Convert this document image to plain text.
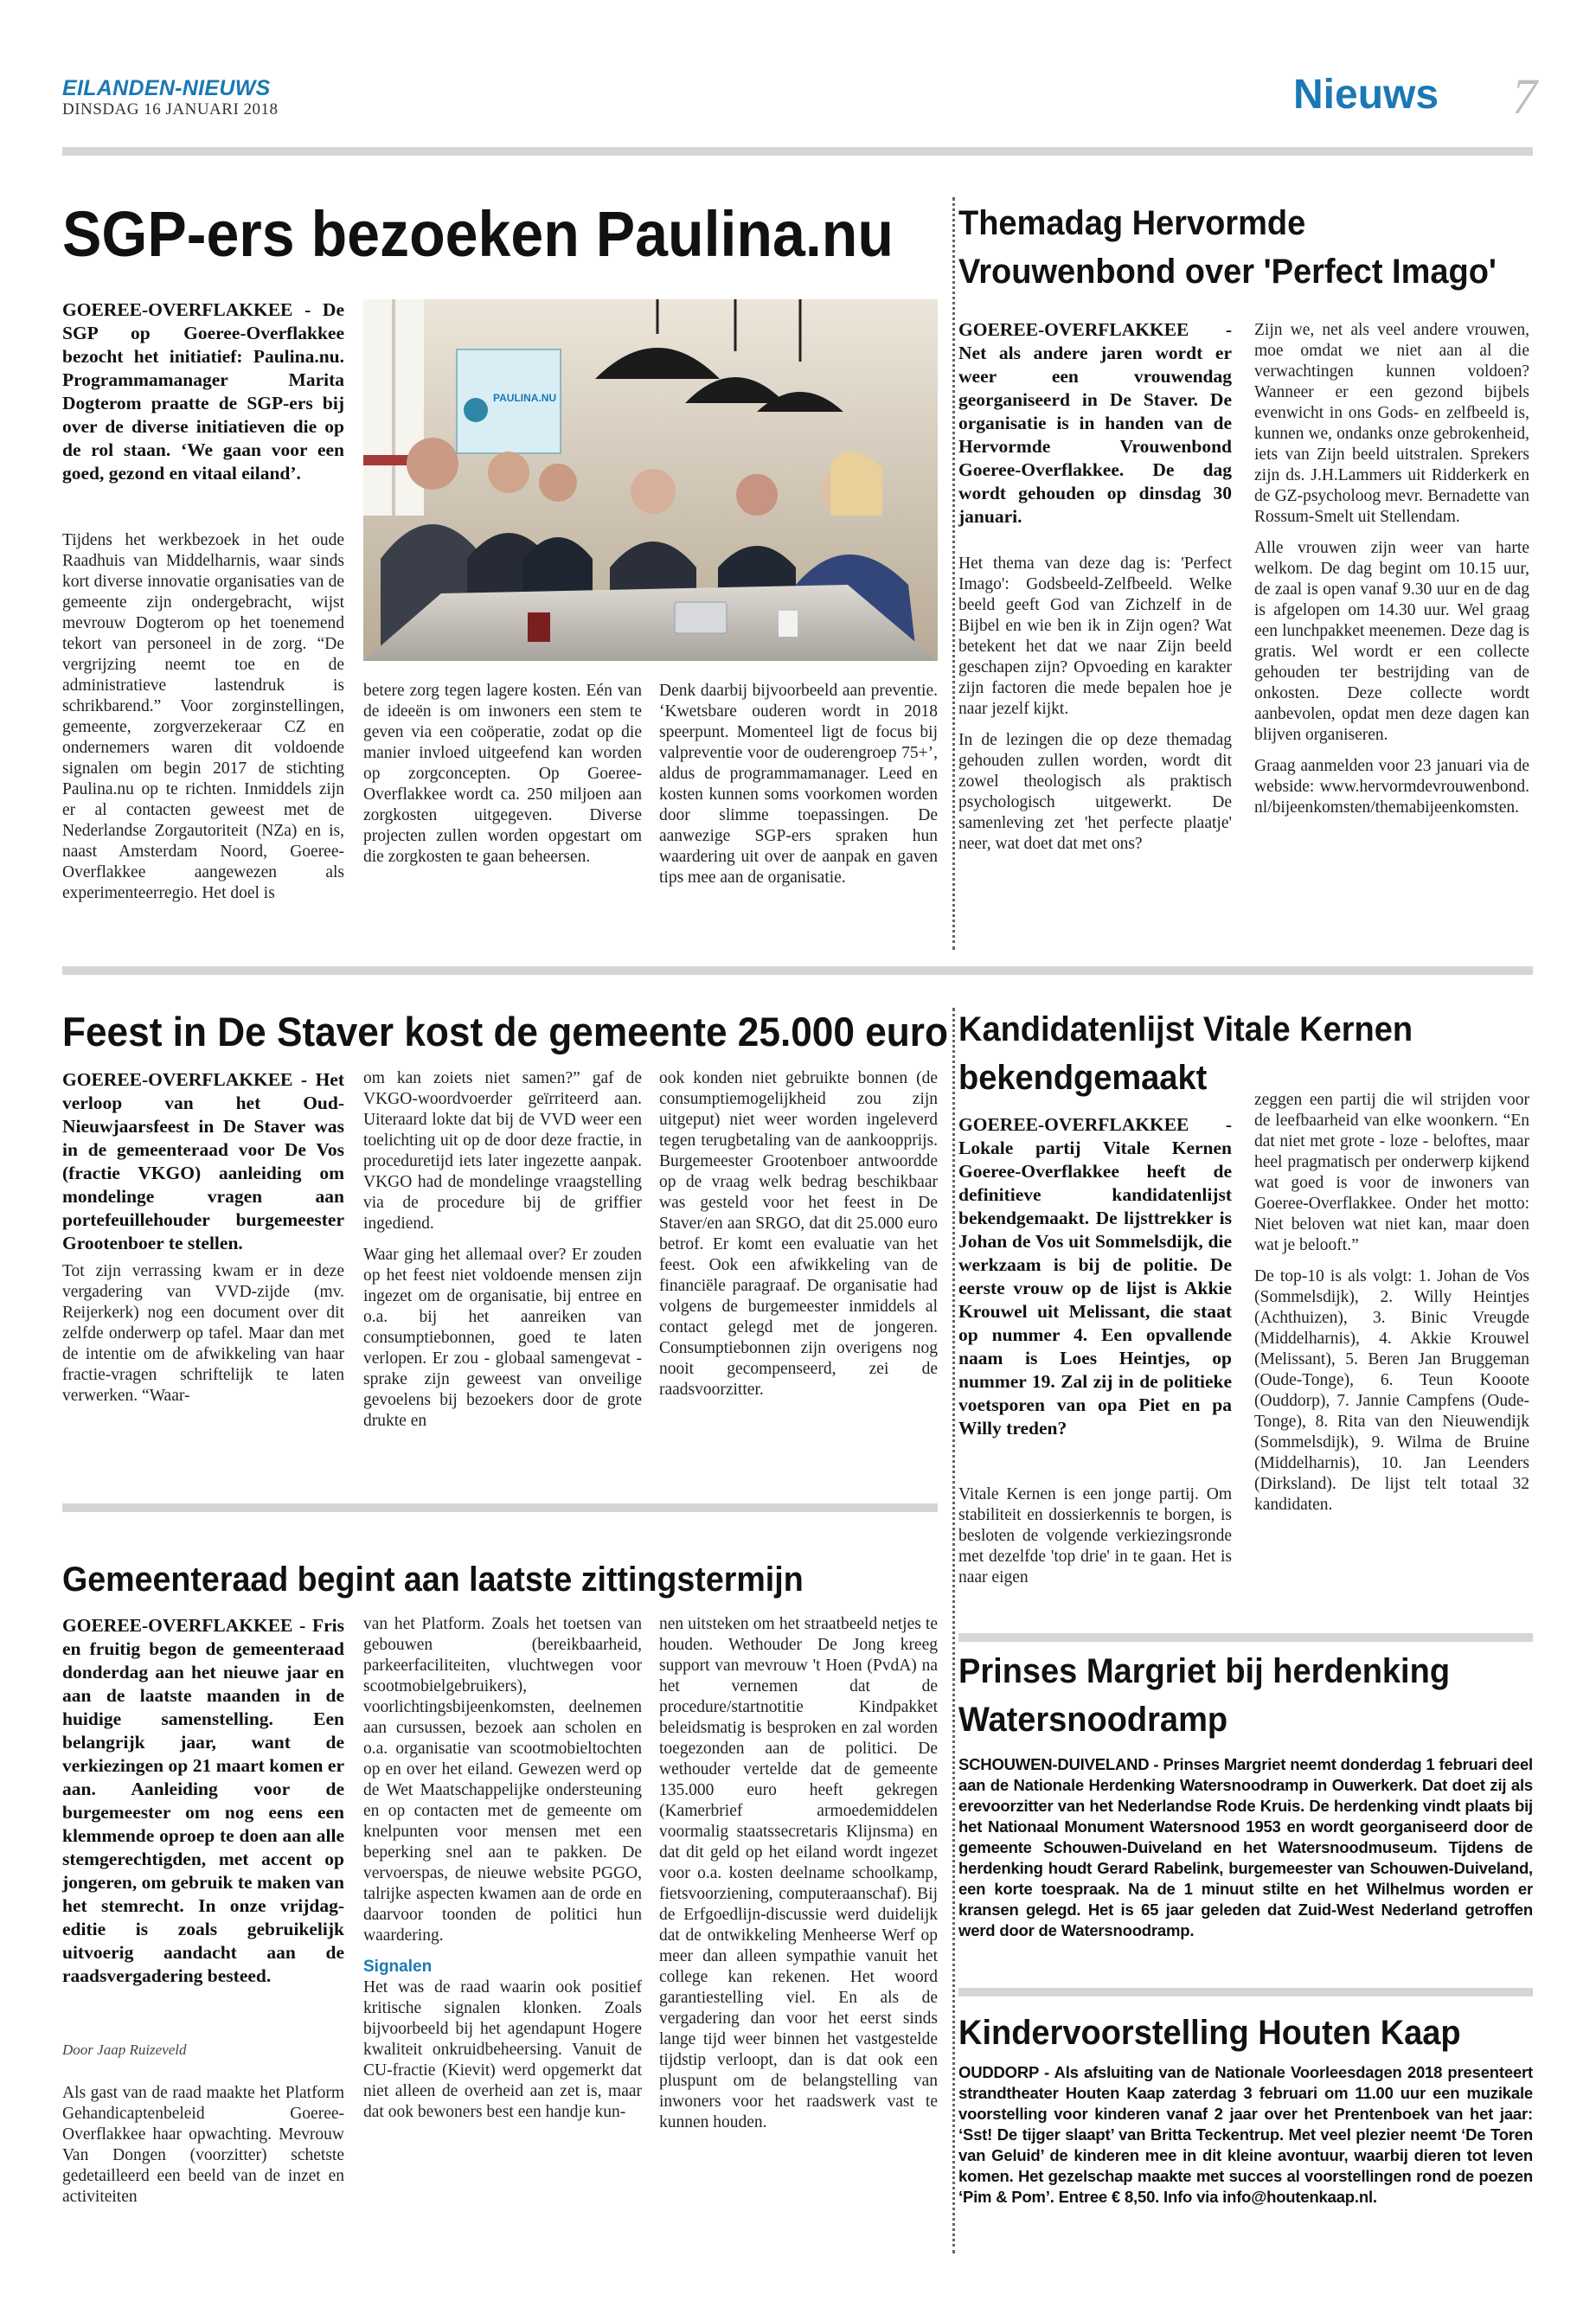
EILANDEN-NIEUWS
DINSDAG 16 JANUARI 2018	Nieuws 7
SGP-ers bezoeken Paulina.nu
GOEREE-OVERFLAKKEE - De SGP op Goeree-Overflakkee bezocht het initiatief: Paulina.nu. Programmamanager Marita Dogterom praatte de SGP-ers bij over de diverse initiatieven die op de rol staan. ‘We gaan voor een goed, gezond en vitaal eiland’.
Tijdens het werkbezoek in het oude Raadhuis van Middelharnis, waar sinds kort diverse innovatie organisaties van de gemeente zijn ondergebracht, wijst mevrouw Dogterom op het toenemend tekort van personeel in de zorg. “De vergrijzing neemt toe en de administratieve lastendruk is schrikbarend.” Voor zorginstellingen, gemeente, zorgverzekeraar CZ en ondernemers waren dit voldoende signalen om begin 2017 de stichting Paulina.nu op te richten. Inmiddels zijn er al contacten geweest met de Nederlandse Zorgautoriteit (NZa) en is, naast Amsterdam Noord, Goeree-Overflakkee aangewezen als experimenteerregio. Het doel is
PAULINA.NU
betere zorg tegen lagere kosten. Eén van de ideeën is om inwoners een stem te geven via een coöperatie, zodat op die manier invloed uitgeefend kan worden op zorgconcepten. Op Goeree-Overflakkee wordt ca. 250 miljoen aan zorgkosten uitgegeven. Diverse projecten zullen worden opgestart om die zorgkosten te gaan beheersen.
Denk daarbij bijvoorbeeld aan preventie. ‘Kwetsbare ouderen wordt in 2018 speerpunt. Momenteel ligt de focus bij valpreventie voor de ouderengroep 75+’, aldus de programmamanager. Leed en kosten kunnen soms voorkomen worden door slimme toepassingen. De aanwezige SGP-ers spraken hun waardering uit over de aanpak en gaven tips mee aan de organisatie.
Themadag Hervormde Vrouwenbond over 'Perfect Imago'
GOEREE-OVERFLAKKEE - Net als andere jaren wordt er weer een vrouwendag georganiseerd in De Staver. De organisatie is in handen van de Hervormde Vrouwenbond Goeree-Overflakkee. De dag wordt gehouden op dinsdag 30 januari.

Het thema van deze dag is: 'Perfect Imago': Godsbeeld-Zelfbeeld. Welke beeld geeft God van Zichzelf in de Bijbel en wie ben ik in Zijn ogen? Wat betekent het dat we naar Zijn beeld geschapen zijn? Opvoeding en karakter zijn factoren die mede bepalen hoe je naar jezelf kijkt.

In de lezingen die op deze themadag gehouden zullen worden, wordt dit zowel theologisch als praktisch psychologisch uitgewerkt. De samenleving zet 'het perfecte plaatje' neer, wat doet dat met ons?

Zijn we, net als veel andere vrouwen, moe omdat we niet aan al die verwachtingen kunnen voldoen? Wanneer er een gezond bijbels evenwicht in ons Gods- en zelfbeeld is, kunnen we, ondanks onze gebrokenheid, iets van Zijn beeld uitstralen. Sprekers zijn ds. J.H.Lammers uit Ridderkerk en de GZ-psycholoog mevr. Bernadette van Rossum-Smelt uit Stellendam.

Alle vrouwen zijn weer van harte welkom. De dag begint om 10.15 uur, de zaal is open vanaf 9.30 uur en de dag is afgelopen om 14.30 uur. Wel graag een lunchpakket meenemen. Deze dag is gratis. Wel wordt er een collecte gehouden ter bestrijding van de onkosten. Deze collecte wordt aanbevolen, opdat men deze dagen kan blijven organiseren.

Graag aanmelden voor 23 januari via de webside: www.hervormdevrouwenbond.nl/bijeenkomsten/themabijeenkomsten.

Feest in De Staver kost de gemeente 25.000 euro
GOEREE-OVERFLAKKEE - Het verloop van het Oud-Nieuwjaarsfeest in De Staver was in de gemeenteraad voor De Vos (fractie VKGO) aanleiding om mondelinge vragen aan portefeuillehouder burgemeester Grootenboer te stellen.
Tot zijn verrassing kwam er in deze vergadering van VVD-zijde (mv. Reijerkerk) nog een document over dit zelfde onderwerp op tafel. Maar dan met de intentie om de afwikkeling van haar fractie-vragen schriftelijk te laten verwerken. “Waar-

om kan zoiets niet samen?” gaf de VKGO-woordvoerder geïrriteerd aan. Uiteraard lokte dat bij de VVD weer een toelichting uit op de door deze fractie, in proceduretijd iets later ingezette aanpak. VKGO had de mondelinge vraagstelling via de procedure bij de griffier ingediend.

Waar ging het allemaal over? Er zouden op het feest niet voldoende mensen zijn ingezet om de organisatie, bij entree en o.a. bij het aanreiken van consumptiebonnen, goed te laten verlopen. Er zou - globaal samengevat - sprake zijn geweest van onveilige gevoelens bij bezoekers door de grote drukte en

ook konden niet gebruikte bonnen (de consumptiemogelijkheid zou zijn uitgeput) niet weer worden ingeleverd tegen terugbetaling van de aankoopprijs. Burgemeester Grootenboer antwoordde op de vraag welk bedrag beschikbaar was gesteld voor het feest in De Staver/en aan SRGO, dat dit 25.000 euro betrof. Er komt een evaluatie van het feest. Ook een afwikkeling van de financiële paragraaf. De organisatie had volgens de burgemeester inmiddels al contact gelegd met de jongeren. Consumptiebonnen zijn overigens nog nooit gecompenseerd, zei de raadsvoorzitter.
Gemeenteraad begint aan laatste zittingstermijn
GOEREE-OVERFLAKKEE - Fris en fruitig begon de gemeenteraad donderdag aan het nieuwe jaar en aan de laatste maanden in de huidige samenstelling. Een belangrijk jaar, want de verkiezingen op 21 maart komen er aan. Aanleiding voor de burgemeester om nog eens een klemmende oproep te doen aan alle stemgerechtigden, met accent op jongeren, om gebruik te maken van het stemrecht. In onze vrijdag-editie is zoals gebruikelijk uitvoerig aandacht aan de raadsvergadering besteed.
Door Jaap Ruizeveld
Als gast van de raad maakte het Platform Gehandicaptenbeleid Goeree-Overflakkee haar opwachting. Mevrouw Van Dongen (voorzitter) schetste gedetailleerd een beeld van de inzet en activiteiten

van het Platform. Zoals het toetsen van gebouwen (bereikbaarheid, parkeerfaciliteiten, vluchtwegen voor scootmobielgebruikers), voorlichtingsbijeenkomsten, deelnemen aan cursussen, bezoek aan scholen en o.a. organisatie van scootmobieltochten op en over het eiland. Gewezen werd op de Wet Maatschappelijke ondersteuning en op contacten met de gemeente om knelpunten voor mensen met een beperking snel aan te pakken. De vervoerspas, de nieuwe website PGGO, talrijke aspecten kwamen aan de orde en daarvoor toonden de politici hun waardering.

Signalen

Het was de raad waarin ook positief kritische signalen klonken. Zoals bijvoorbeeld bij het agendapunt Hogere kwaliteit onkruidbeheersing. Vanuit de CU-fractie (Kievit) werd opgemerkt dat niet alleen de overheid aan zet is, maar dat ook bewoners best een handje kun-

nen uitsteken om het straatbeeld netjes te houden. Wethouder De Jong kreeg support van mevrouw 't Hoen (PvdA) na het vernemen dat de procedure/startnotitie Kindpakket beleidsmatig is besproken en zal worden toegezonden aan de politici. De wethouder vertelde dat de gemeente 135.000 euro heeft gekregen (Kamerbrief armoedemiddelen voormalig staatssecretaris Klijnsma) en dat dit geld op het eiland wordt ingezet voor o.a. kosten deelname schoolkamp, fietsvoorziening, computeraanschaf). Bij de Erfgoedlijn-discussie werd duidelijk dat de ontwikkeling Menheerse Werf op meer dan alleen sympathie vanuit het college kan rekenen. Het woord garantiestelling viel. En als de vergadering dan voor het eerst sinds lange tijd weer binnen het vastgestelde tijdstip verloopt, dan is dat ook een pluspunt om de belangstelling van inwoners voor het raadswerk vast te kunnen houden.
Kandidatenlijst Vitale Kernen bekendgemaakt
GOEREE-OVERFLAKKEE - Lokale partij Vitale Kernen Goeree-Overflakkee heeft de definitieve kandidatenlijst bekendgemaakt. De lijsttrekker is Johan de Vos uit Sommelsdijk, die werkzaam is bij de politie. De eerste vrouw op de lijst is Akkie Krouwel uit Melissant, die staat op nummer 4. Een opvallende naam is Loes Heintjes, op nummer 19. Zal zij in de politieke voetsporen van opa Piet en pa Willy treden?
Vitale Kernen is een jonge partij. Om stabiliteit en dossierkennis te borgen, is besloten de volgende verkiezingsronde met dezelfde 'top drie' in te gaan. Het is naar eigen

zeggen een partij die wil strijden voor de leefbaarheid van elke woonkern. “En dat niet met grote - loze - beloftes, maar heel pragmatisch per onderwerp kijkend wat goed is voor de inwoners van Goeree-Overflakkee. Onder het motto: Niet beloven wat niet kan, maar doen wat je belooft.”

De top-10 is als volgt: 1. Johan de Vos (Sommelsdijk), 2. Willy Heintjes (Achthuizen), 3. Binic Vreugde (Middelharnis), 4. Akkie Krouwel (Melissant), 5. Beren Jan Bruggeman (Oude-Tonge), 6. Teun Kooote (Ouddorp), 7. Jannie Campfens (Oude-Tonge), 8. Rita van den Nieuwendijk (Sommelsdijk), 9. Wilma de Bruine (Middelharnis), 10. Jan Leenders (Dirksland). De lijst telt totaal 32 kandidaten.

Prinses Margriet bij herdenking Watersnoodramp
SCHOUWEN-DUIVELAND - Prinses Margriet neemt donderdag 1 februari deel aan de Nationale Herdenking Watersnoodramp in Ouwerkerk. Dat doet zij als erevoorzitter van het Nederlandse Rode Kruis. De herdenking vindt plaats bij het Nationaal Monument Watersnood 1953 en wordt georganiseerd door de gemeente Schouwen-Duiveland en het Watersnoodmuseum. Tijdens de herdenking houdt Gerard Rabelink, burgemeester van Schouwen-Duiveland, een korte toespraak. Na de 1 minuut stilte en het Wilhelmus worden er kransen gelegd. Het is 65 jaar geleden dat Zuid-West Nederland getroffen werd door de Watersnoodramp.
Kindervoorstelling Houten Kaap
OUDDORP - Als afsluiting van de Nationale Voorleesdagen 2018 presenteert strandtheater Houten Kaap zaterdag 3 februari om 11.00 uur een muzikale voorstelling voor kinderen vanaf 2 jaar over het Prentenboek van het jaar: ‘Sst! De tijger slaapt’ van Britta Teckentrup. Met veel plezier neemt ‘De Toren van Geluid’ de kinderen mee in dit kleine avontuur, waarbij dieren tot leven komen. Het gezelschap maakte met succes al voorstellingen rond de poezen ‘Pim & Pom’. Entree € 8,50. Info via info@houtenkaap.nl.
